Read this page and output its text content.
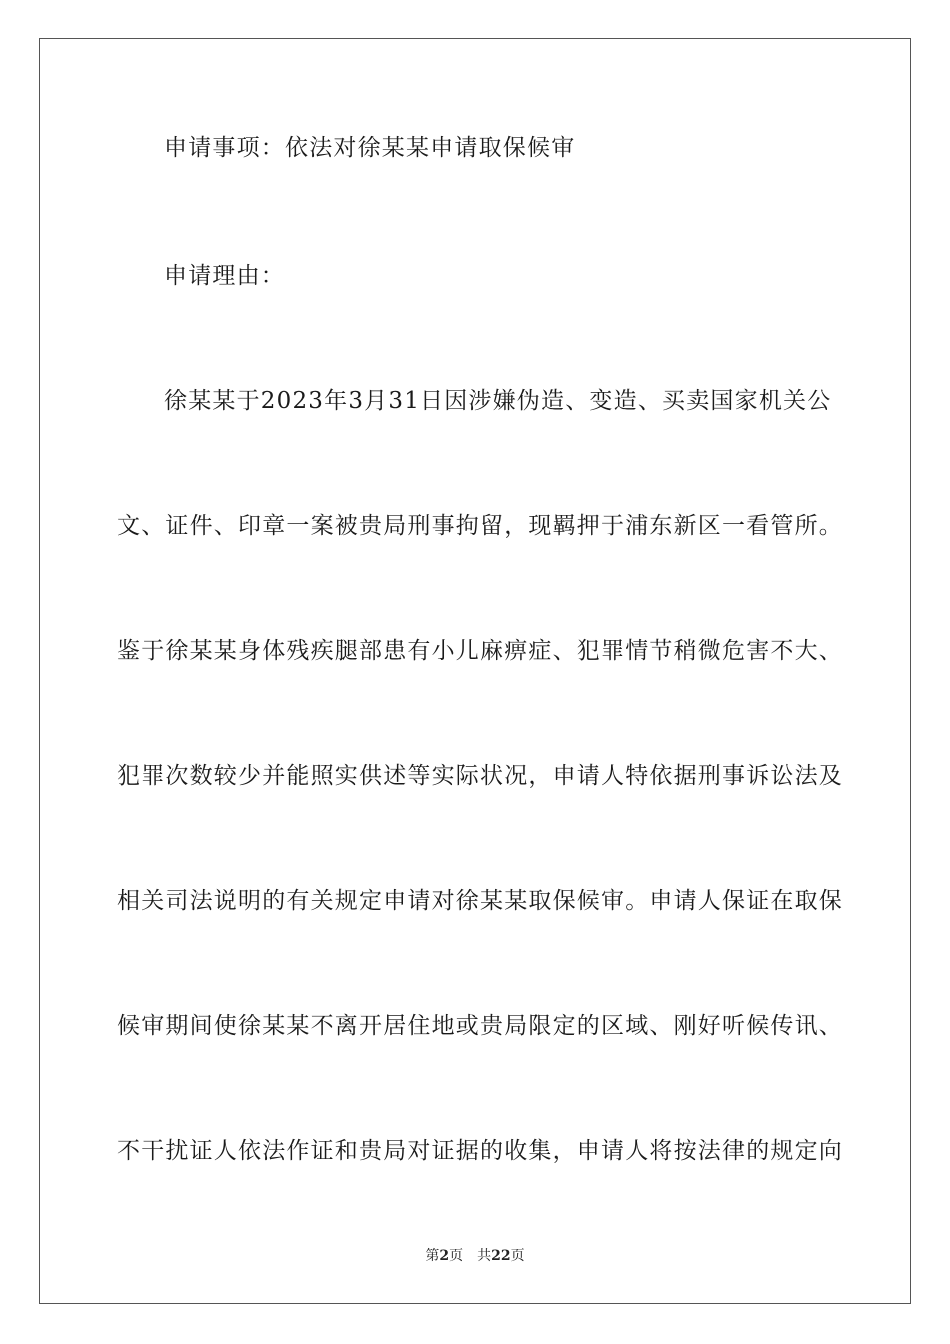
申请事项：依法对徐某某申请取保候审
申请理由：
徐某某于2023年3月31日因涉嫌伪造、变造、买卖国家机关公
文、证件、印章一案被贵局刑事拘留，现羁押于浦东新区一看管所。
鉴于徐某某身体残疾腿部患有小儿麻痹症、犯罪情节稍微危害不大、
犯罪次数较少并能照实供述等实际状况，申请人特依据刑事诉讼法及
相关司法说明的有关规定申请对徐某某取保候审。申请人保证在取保
候审期间使徐某某不离开居住地或贵局限定的区域、刚好听候传讯、
不干扰证人依法作证和贵局对证据的收集，申请人将按法律的规定向
第2页 共22页
